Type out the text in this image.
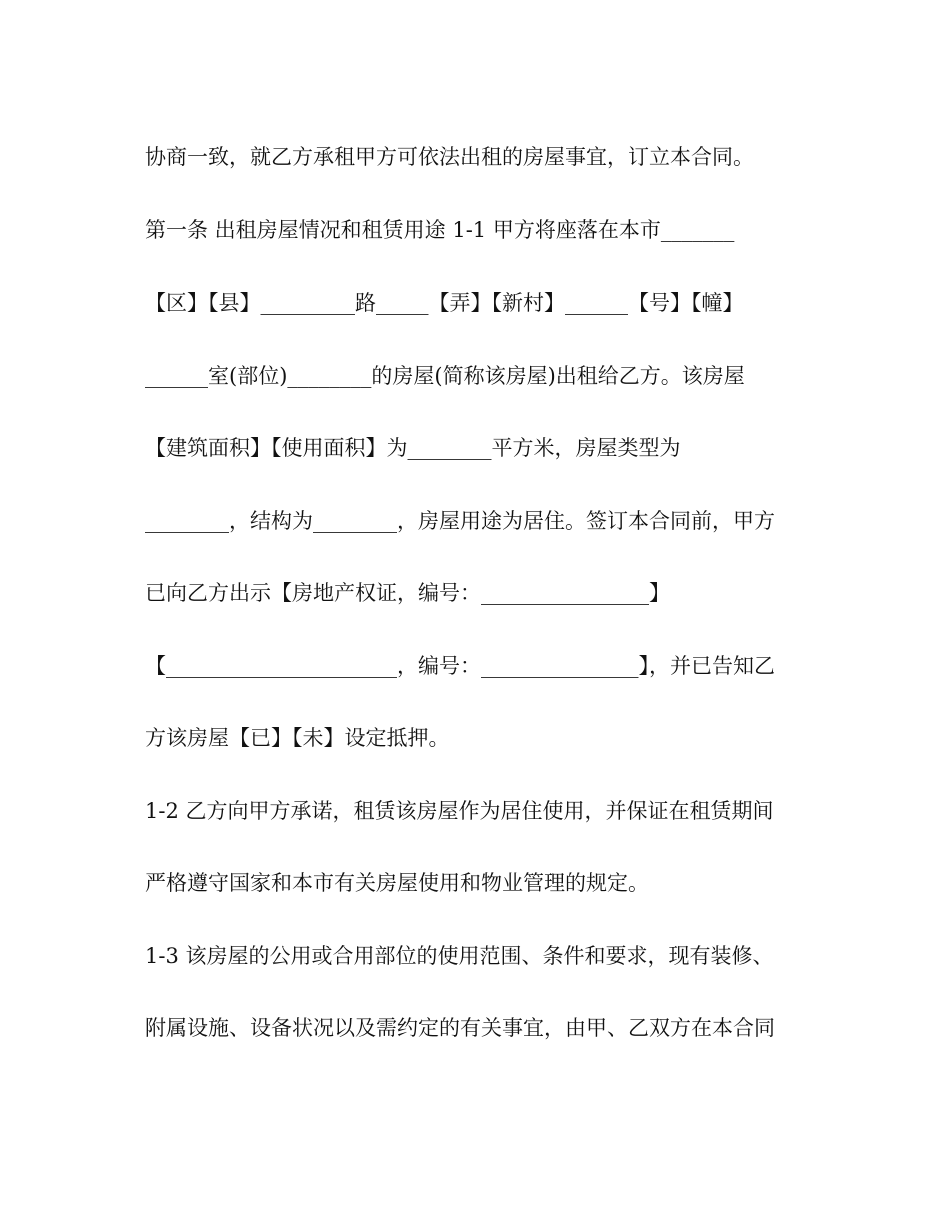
协商一致，就乙方承租甲方可依法出租的房屋事宜，订立本合同。

第一条 出租房屋情况和租赁用途 1-1 甲方将座落在本市_______

【区】【县】_________路_____【弄】【新村】______【号】【幢】

______室(部位)________的房屋(简称该房屋)出租给乙方。该房屋

【建筑面积】【使用面积】为________平方米，房屋类型为

________，结构为________，房屋用途为居住。签订本合同前，甲方

已向乙方出示【房地产权证，编号：________________】

【______________________，编号：_______________】，并已告知乙

方该房屋【已】【未】设定抵押。

1-2 乙方向甲方承诺，租赁该房屋作为居住使用，并保证在租赁期间

严格遵守国家和本市有关房屋使用和物业管理的规定。

1-3 该房屋的公用或合用部位的使用范围、条件和要求，现有装修、

附属设施、设备状况以及需约定的有关事宜，由甲、乙双方在本合同
